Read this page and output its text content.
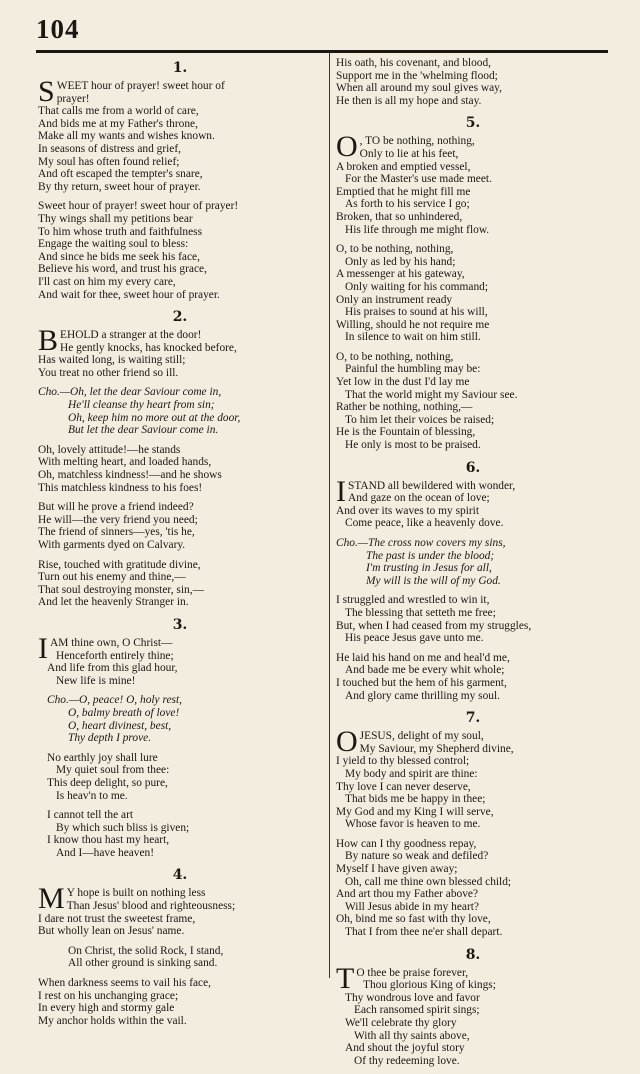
104
1.
S WEET hour of prayer! sweet hour of
prayer!
That calls me from a world of care,
And bids me at my Father's throne,
Make all my wants and wishes known.
In seasons of distress and grief,
My soul has often found relief;
And oft escaped the tempter's snare,
By thy return, sweet hour of prayer.
Sweet hour of prayer! sweet hour of prayer!
Thy wings shall my petitions bear
To him whose truth and faithfulness
Engage the waiting soul to bless:
And since he bids me seek his face,
Believe his word, and trust his grace,
I'll cast on him my every care,
And wait for thee, sweet hour of prayer.
2.
B EHOLD a stranger at the door!
He gently knocks, has knocked before,
Has waited long, is waiting still;
You treat no other friend so ill.
Cho.—Oh, let the dear Saviour come in,
He'll cleanse thy heart from sin;
Oh, keep him no more out at the door,
But let the dear Saviour come in.
Oh, lovely attitude!—he stands
With melting heart, and loaded hands,
Oh, matchless kindness!—and he shows
This matchless kindness to his foes!
But will he prove a friend indeed?
He will—the very friend you need;
The friend of sinners—yes, 'tis he,
With garments dyed on Calvary.
Rise, touched with gratitude divine,
Turn out his enemy and thine,—
That soul destroying monster, sin,—
And let the heavenly Stranger in.
3.
I AM thine own, O Christ—
Henceforth entirely thine;
And life from this glad hour,
New life is mine!
Cho.—O, peace! O, holy rest,
O, balmy breath of love!
O, heart divinest, best,
Thy depth I prove.
No earthly joy shall lure
My quiet soul from thee:
This deep delight, so pure,
Is heav'n to me.
I cannot tell the art
By which such bliss is given;
I know thou hast my heart,
And I—have heaven!
4.
M Y hope is built on nothing less
Than Jesus' blood and righteousness;
I dare not trust the sweetest frame,
But wholly lean on Jesus' name.
On Christ, the solid Rock, I stand,
All other ground is sinking sand.
When darkness seems to vail his face,
I rest on his unchanging grace;
In every high and stormy gale
My anchor holds within the vail.
His oath, his covenant, and blood,
Support me in the 'whelming flood;
When all around my soul gives way,
He then is all my hope and stay.
5.
O , TO be nothing, nothing,
Only to lie at his feet,
A broken and emptied vessel,
For the Master's use made meet.
Emptied that he might fill me
As forth to his service I go;
Broken, that so unhindered,
His life through me might flow.
O, to be nothing, nothing,
Only as led by his hand;
A messenger at his gateway,
Only waiting for his command;
Only an instrument ready
His praises to sound at his will,
Willing, should he not require me
In silence to wait on him still.
O, to be nothing, nothing,
Painful the humbling may be:
Yet low in the dust I'd lay me
That the world might my Saviour see.
Rather be nothing, nothing,—
To him let their voices be raised;
He is the Fountain of blessing,
He only is most to be praised.
6.
I STAND all bewildered with wonder,
And gaze on the ocean of love;
And over its waves to my spirit
Come peace, like a heavenly dove.
Cho.—The cross now covers my sins,
The past is under the blood;
I'm trusting in Jesus for all,
My will is the will of my God.
I struggled and wrestled to win it,
The blessing that setteth me free;
But, when I had ceased from my struggles,
His peace Jesus gave unto me.
He laid his hand on me and heal'd me,
And bade me be every whit whole;
I touched but the hem of his garment,
And glory came thrilling my soul.
7.
O JESUS, delight of my soul,
My Saviour, my Shepherd divine,
I yield to thy blessed control;
My body and spirit are thine:
Thy love I can never deserve,
That bids me be happy in thee;
My God and my King I will serve,
Whose favor is heaven to me.
How can I thy goodness repay,
By nature so weak and defiled?
Myself I have given away;
Oh, call me thine own blessed child;
And art thou my Father above?
Will Jesus abide in my heart?
Oh, bind me so fast with thy love,
That I from thee ne'er shall depart.
8.
T O thee be praise forever,
Thou glorious King of kings;
Thy wondrous love and favor
Each ransomed spirit sings;
We'll celebrate thy glory
With all thy saints above,
And shout the joyful story
Of thy redeeming love.
